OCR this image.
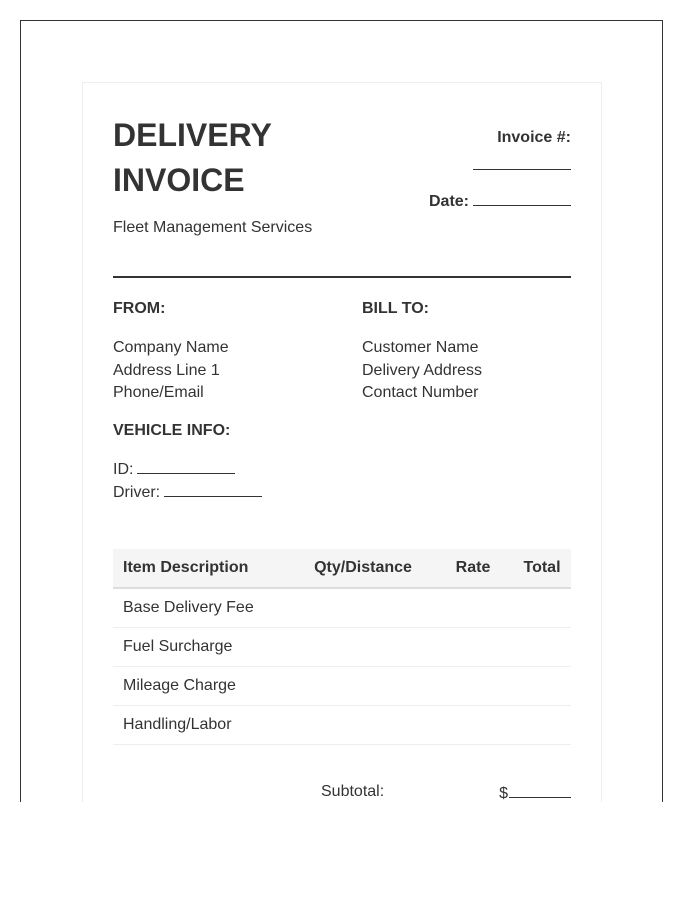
DELIVERY
INVOICE
Fleet Management Services
Invoice #:
Date:
FROM:
Company Name
Address Line 1
Phone/Email
BILL TO:
Customer Name
Delivery Address
Contact Number
VEHICLE INFO:
ID:
Driver:
Item Description	Qty/Distance	Rate	Total
Base Delivery Fee			
Fuel Surcharge			
Mileage Charge			
Handling/Labor			
Subtotal:	$
